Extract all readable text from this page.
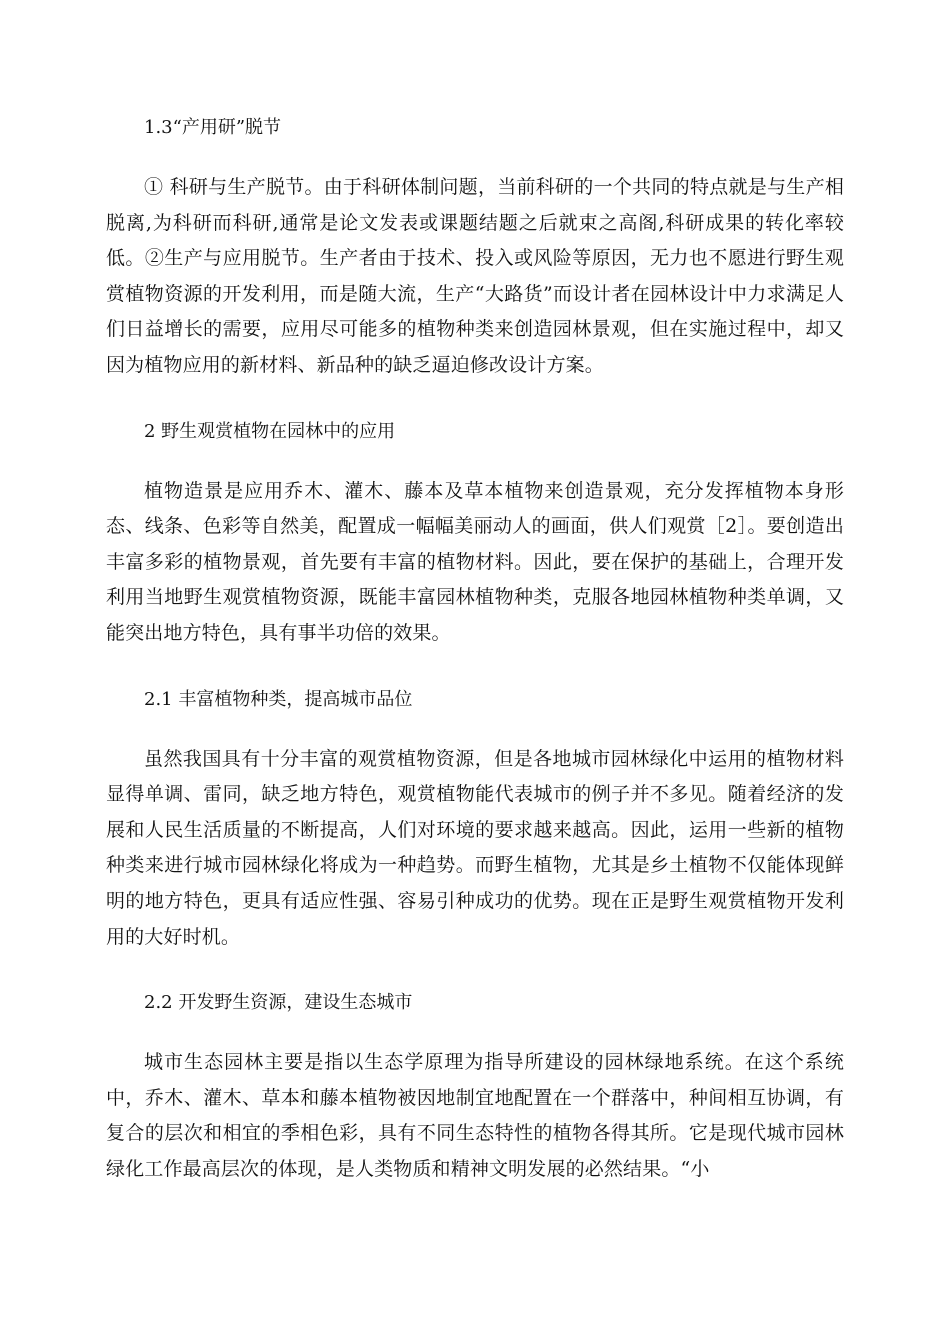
1.3“产用研”脱节

① 科研与生产脱节。由于科研体制问题，当前科研的一个共同的特点就是与生产相脱离,为科研而科研,通常是论文发表或课题结题之后就束之高阁,科研成果的转化率较低。②生产与应用脱节。生产者由于技术、投入或风险等原因，无力也不愿进行野生观赏植物资源的开发利用，而是随大流，生产“大路货”而设计者在园林设计中力求满足人们日益增长的需要，应用尽可能多的植物种类来创造园林景观，但在实施过程中，却又因为植物应用的新材料、新品种的缺乏逼迫修改设计方案。

2 野生观赏植物在园林中的应用

植物造景是应用乔木、灌木、藤本及草本植物来创造景观，充分发挥植物本身形态、线条、色彩等自然美，配置成一幅幅美丽动人的画面，供人们观赏［2］。要创造出丰富多彩的植物景观，首先要有丰富的植物材料。因此，要在保护的基础上，合理开发利用当地野生观赏植物资源，既能丰富园林植物种类，克服各地园林植物种类单调，又能突出地方特色，具有事半功倍的效果。

2.1 丰富植物种类，提高城市品位

虽然我国具有十分丰富的观赏植物资源，但是各地城市园林绿化中运用的植物材料显得单调、雷同，缺乏地方特色，观赏植物能代表城市的例子并不多见。随着经济的发展和人民生活质量的不断提高，人们对环境的要求越来越高。因此，运用一些新的植物种类来进行城市园林绿化将成为一种趋势。而野生植物，尤其是乡土植物不仅能体现鲜明的地方特色，更具有适应性强、容易引种成功的优势。现在正是野生观赏植物开发利用的大好时机。

2.2 开发野生资源，建设生态城市

城市生态园林主要是指以生态学原理为指导所建设的园林绿地系统。在这个系统中，乔木、灌木、草本和藤本植物被因地制宜地配置在一个群落中，种间相互协调，有复合的层次和相宜的季相色彩，具有不同生态特性的植物各得其所。它是现代城市园林绿化工作最高层次的体现，是人类物质和精神文明发展的必然结果。“小
